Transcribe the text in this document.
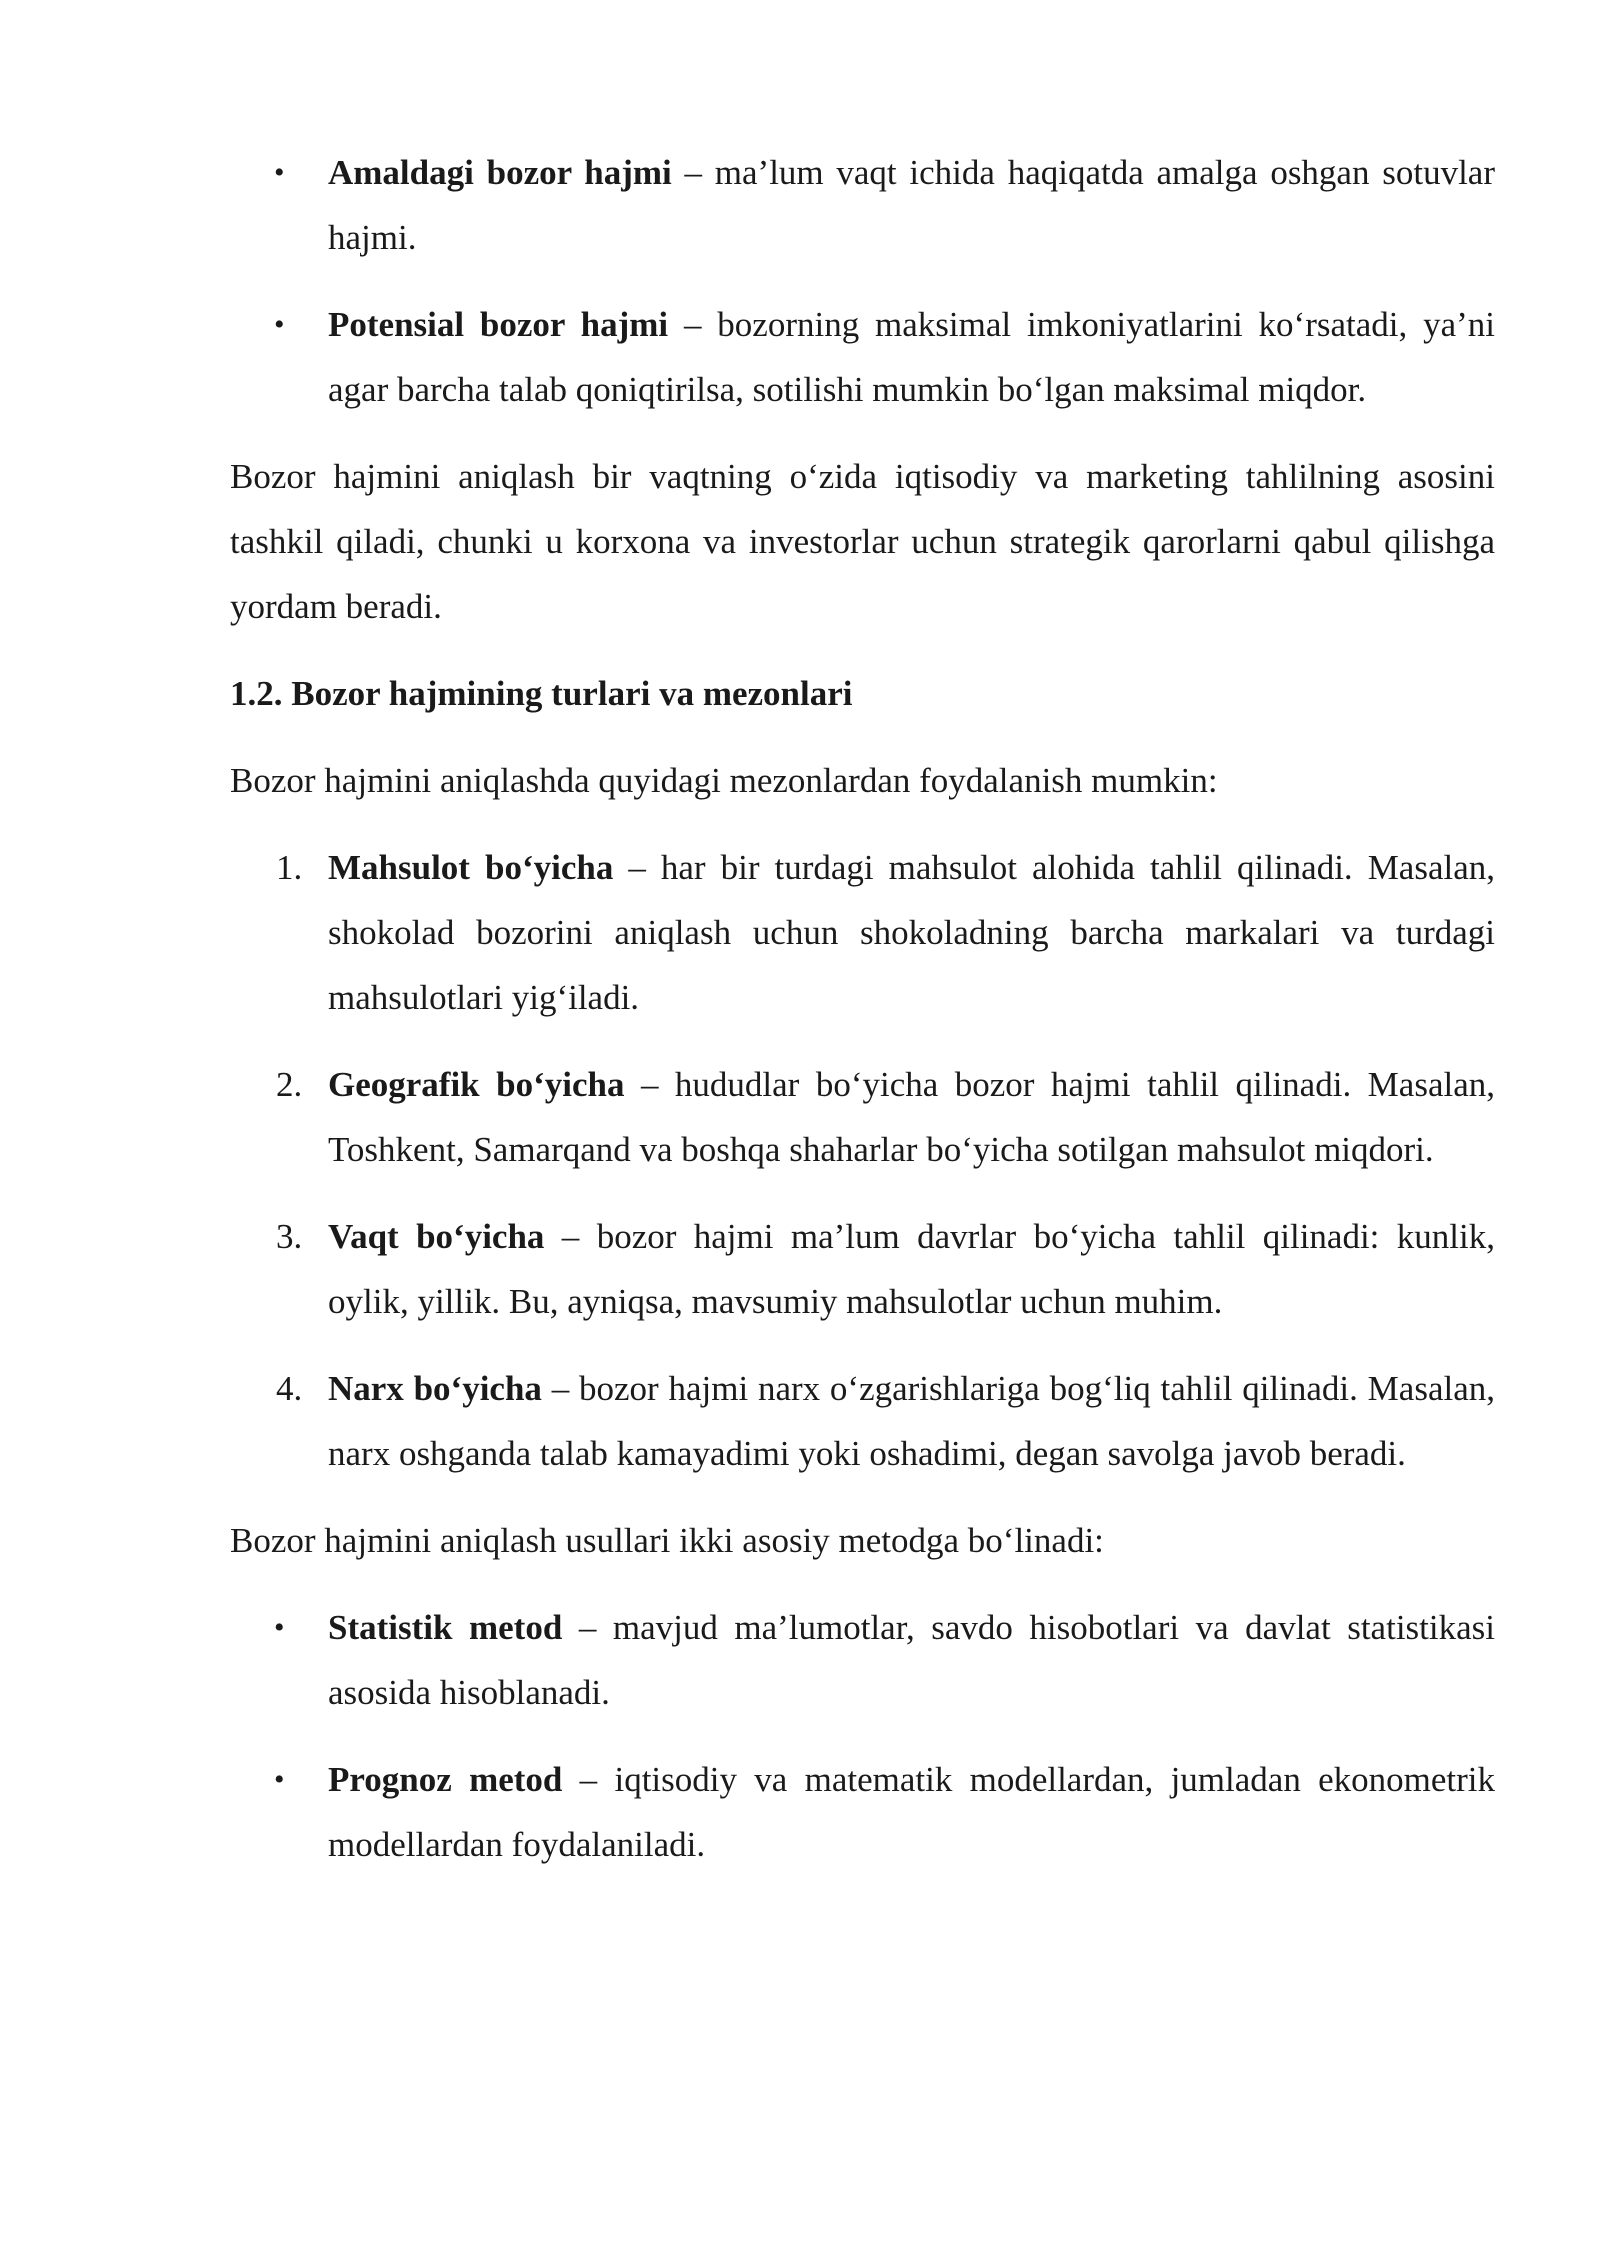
• Amaldagi bozor hajmi – ma’lum vaqt ichida haqiqatda amalga oshgan sotuvlar hajmi.
• Potensial bozor hajmi – bozorning maksimal imkoniyatlarini ko‘rsatadi, ya’ni agar barcha talab qoniqtirilsa, sotilishi mumkin bo‘lgan maksimal miqdor.

Bozor hajmini aniqlash bir vaqtning o‘zida iqtisodiy va marketing tahlilning asosini tashkil qiladi, chunki u korxona va investorlar uchun strategik qarorlarni qabul qilishga yordam beradi.

1.2. Bozor hajmining turlari va mezonlari

Bozor hajmini aniqlashda quyidagi mezonlardan foydalanish mumkin:

1. Mahsulot bo‘yicha – har bir turdagi mahsulot alohida tahlil qilinadi. Masalan, shokolad bozorini aniqlash uchun shokoladning barcha markalari va turdagi mahsulotlari yig‘iladi.
2. Geografik bo‘yicha – hududlar bo‘yicha bozor hajmi tahlil qilinadi. Masalan, Toshkent, Samarqand va boshqa shaharlar bo‘yicha sotilgan mahsulot miqdori.
3. Vaqt bo‘yicha – bozor hajmi ma’lum davrlar bo‘yicha tahlil qilinadi: kunlik, oylik, yillik. Bu, ayniqsa, mavsumiy mahsulotlar uchun muhim.
4. Narx bo‘yicha – bozor hajmi narx o‘zgarishlariga bog‘liq tahlil qilinadi. Masalan, narx oshganda talab kamayadimi yoki oshadimi, degan savolga javob beradi.

Bozor hajmini aniqlash usullari ikki asosiy metodga bo‘linadi:

• Statistik metod – mavjud ma’lumotlar, savdo hisobotlari va davlat statistikasi asosida hisoblanadi.
• Prognoz metod – iqtisodiy va matematik modellardan, jumladan ekonometrik modellardan foydalaniladi.
